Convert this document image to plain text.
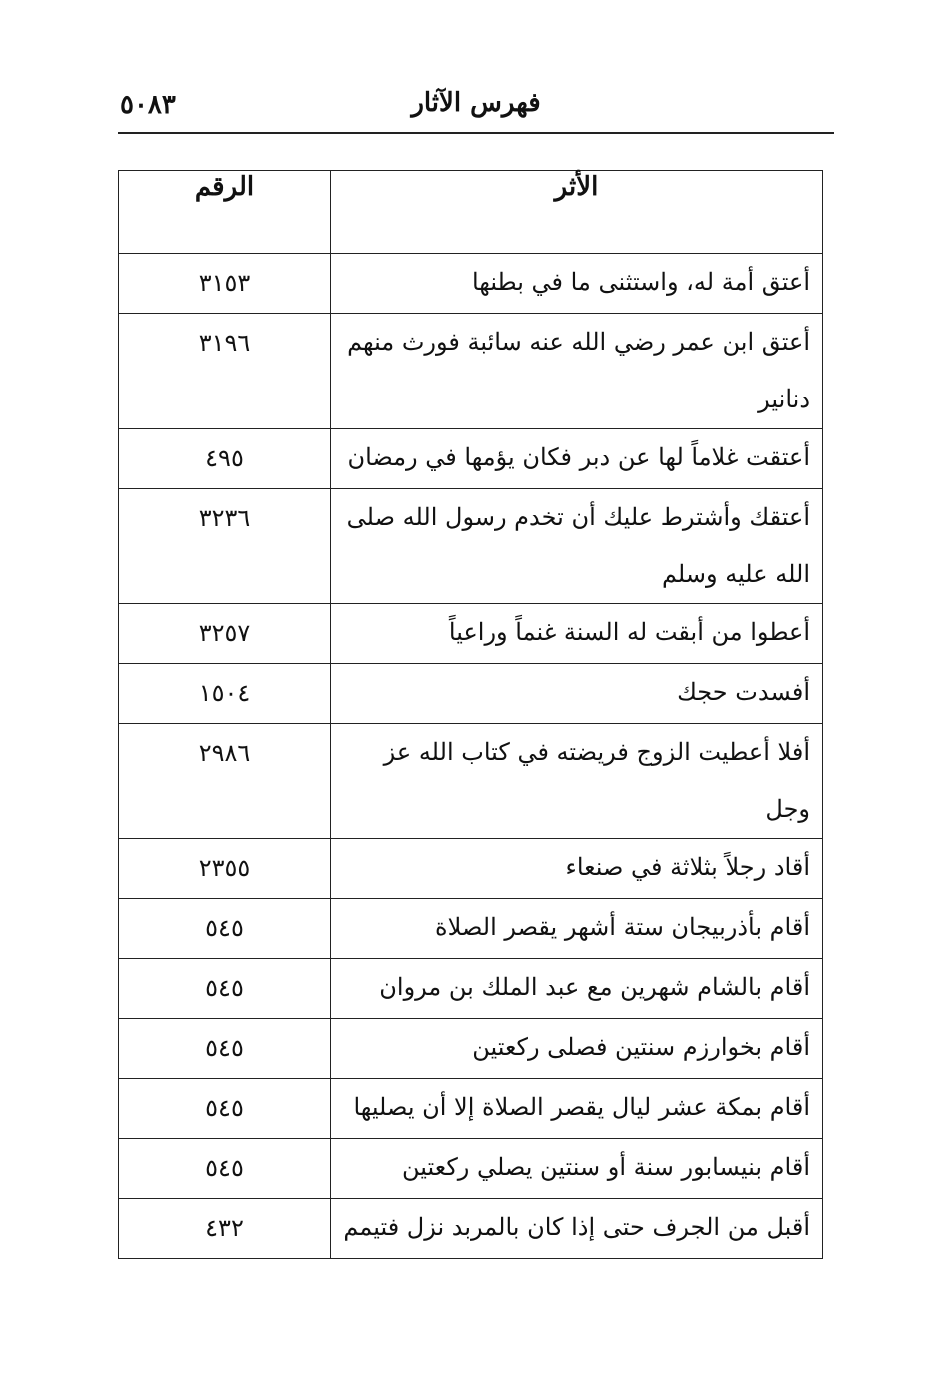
٥٠٨٣	فهرس الآثار
الأثر	الرقم
أعتق أمة له، واستثنى ما في بطنها	٣١٥٣
أعتق ابن عمر رضي الله عنه سائبة فورث منهم دنانير	٣١٩٦
أعتقت غلاماً لها عن دبر فكان يؤمها في رمضان	٤٩٥
أعتقك وأشترط عليك أن تخدم رسول الله صلى الله عليه وسلم	٣٢٣٦
أعطوا من أبقت له السنة غنماً وراعياً	٣٢٥٧
أفسدت حجك	١٥٠٤
أفلا أعطيت الزوج فريضته في كتاب الله عز وجل	٢٩٨٦
أقاد رجلاً بثلاثة في صنعاء	٢٣٥٥
أقام بأذربيجان ستة أشهر يقصر الصلاة	٥٤٥
أقام بالشام شهرين مع عبد الملك بن مروان	٥٤٥
أقام بخوارزم سنتين فصلى ركعتين	٥٤٥
أقام بمكة عشر ليال يقصر الصلاة إلا أن يصليها	٥٤٥
أقام بنيسابور سنة أو سنتين يصلي ركعتين	٥٤٥
أقبل من الجرف حتى إذا كان بالمربد نزل فتيمم	٤٣٢
